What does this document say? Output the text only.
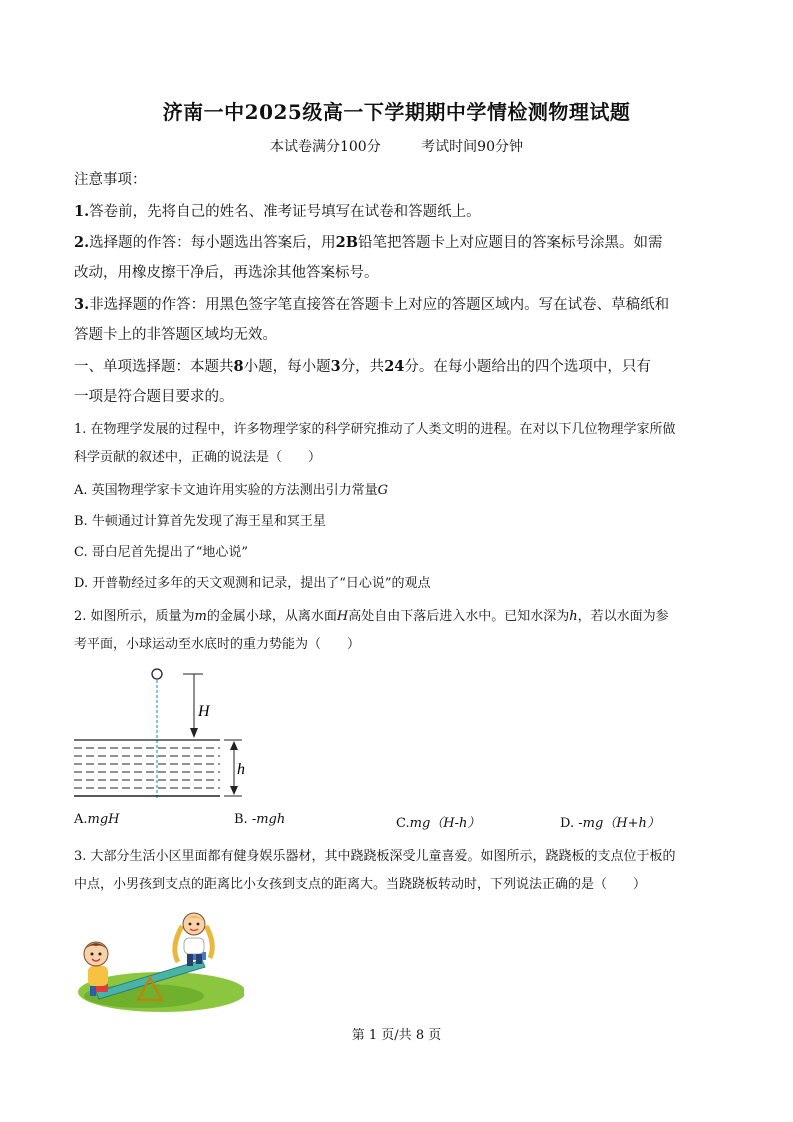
济南一中2025级高一下学期期中学情检测物理试题
本试卷满分100分	考试时间90分钟
注意事项：
1.答卷前，先将自己的姓名、准考证号填写在试卷和答题纸上。
2.选择题的作答：每小题选出答案后，用2B铅笔把答题卡上对应题目的答案标号涂黑。如需
改动，用橡皮擦干净后，再选涂其他答案标号。
3.非选择题的作答：用黑色签字笔直接答在答题卡上对应的答题区域内。写在试卷、草稿纸和
答题卡上的非答题区域均无效。
一、单项选择题：本题共8小题，每小题3分，共24分。在每小题给出的四个选项中，只有
一项是符合题目要求的。
1. 在物理学发展的过程中，许多物理学家的科学研究推动了人类文明的进程。在对以下几位物理学家所做
科学贡献的叙述中，正确的说法是（　　）
A. 英国物理学家卡文迪许用实验的方法测出引力常量G
B. 牛顿通过计算首先发现了海王星和冥王星
C. 哥白尼首先提出了“地心说”
D. 开普勒经过多年的天文观测和记录，提出了“日心说”的观点
2. 如图所示，质量为m的金属小球，从离水面H高处自由下落后进入水中。已知水深为h，若以水面为参
考平面，小球运动至水底时的重力势能为（　　）
H
h
A.mgH	B. -mgh	C.mg（H-h）	D. -mg（H+h）
3. 大部分生活小区里面都有健身娱乐器材，其中跷跷板深受儿童喜爱。如图所示，跷跷板的支点位于板的
中点，小男孩到支点的距离比小女孩到支点的距离大。当跷跷板转动时，下列说法正确的是（　　）
第 1 页/共 8 页
